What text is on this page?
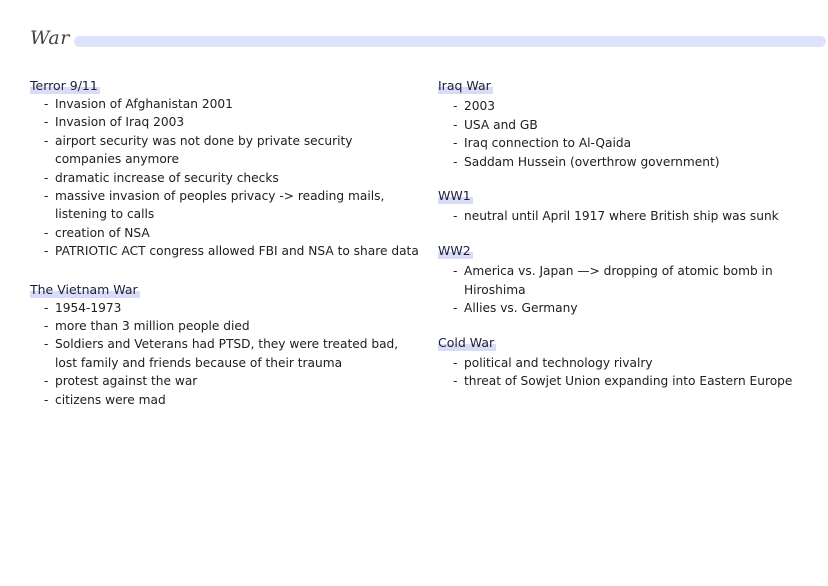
War
Terror 9/11
- Invasion of Afghanistan 2001
- Invasion of Iraq 2003
- airport security was not done by private security companies anymore
- dramatic increase of security checks
- massive invasion of peoples privacy -> reading mails, listening to calls
- creation of NSA
- PATRIOTIC ACT congress allowed FBI and NSA to share data
The Vietnam War
- 1954-1973
- more than 3 million people died
- Soldiers and Veterans had PTSD, they were treated bad, lost family and friends because of their trauma
- protest against the war
- citizens were mad
Iraq War
- 2003
- USA and GB
- Iraq connection to Al-Qaida
- Saddam Hussein (overthrow government)
WW1
- neutral until April 1917 where British ship was sunk
WW2
- America vs. Japan —> dropping of atomic bomb in Hiroshima
- Allies vs. Germany
Cold War
- political and technology rivalry
- threat of Sowjet Union expanding into Eastern Europe
